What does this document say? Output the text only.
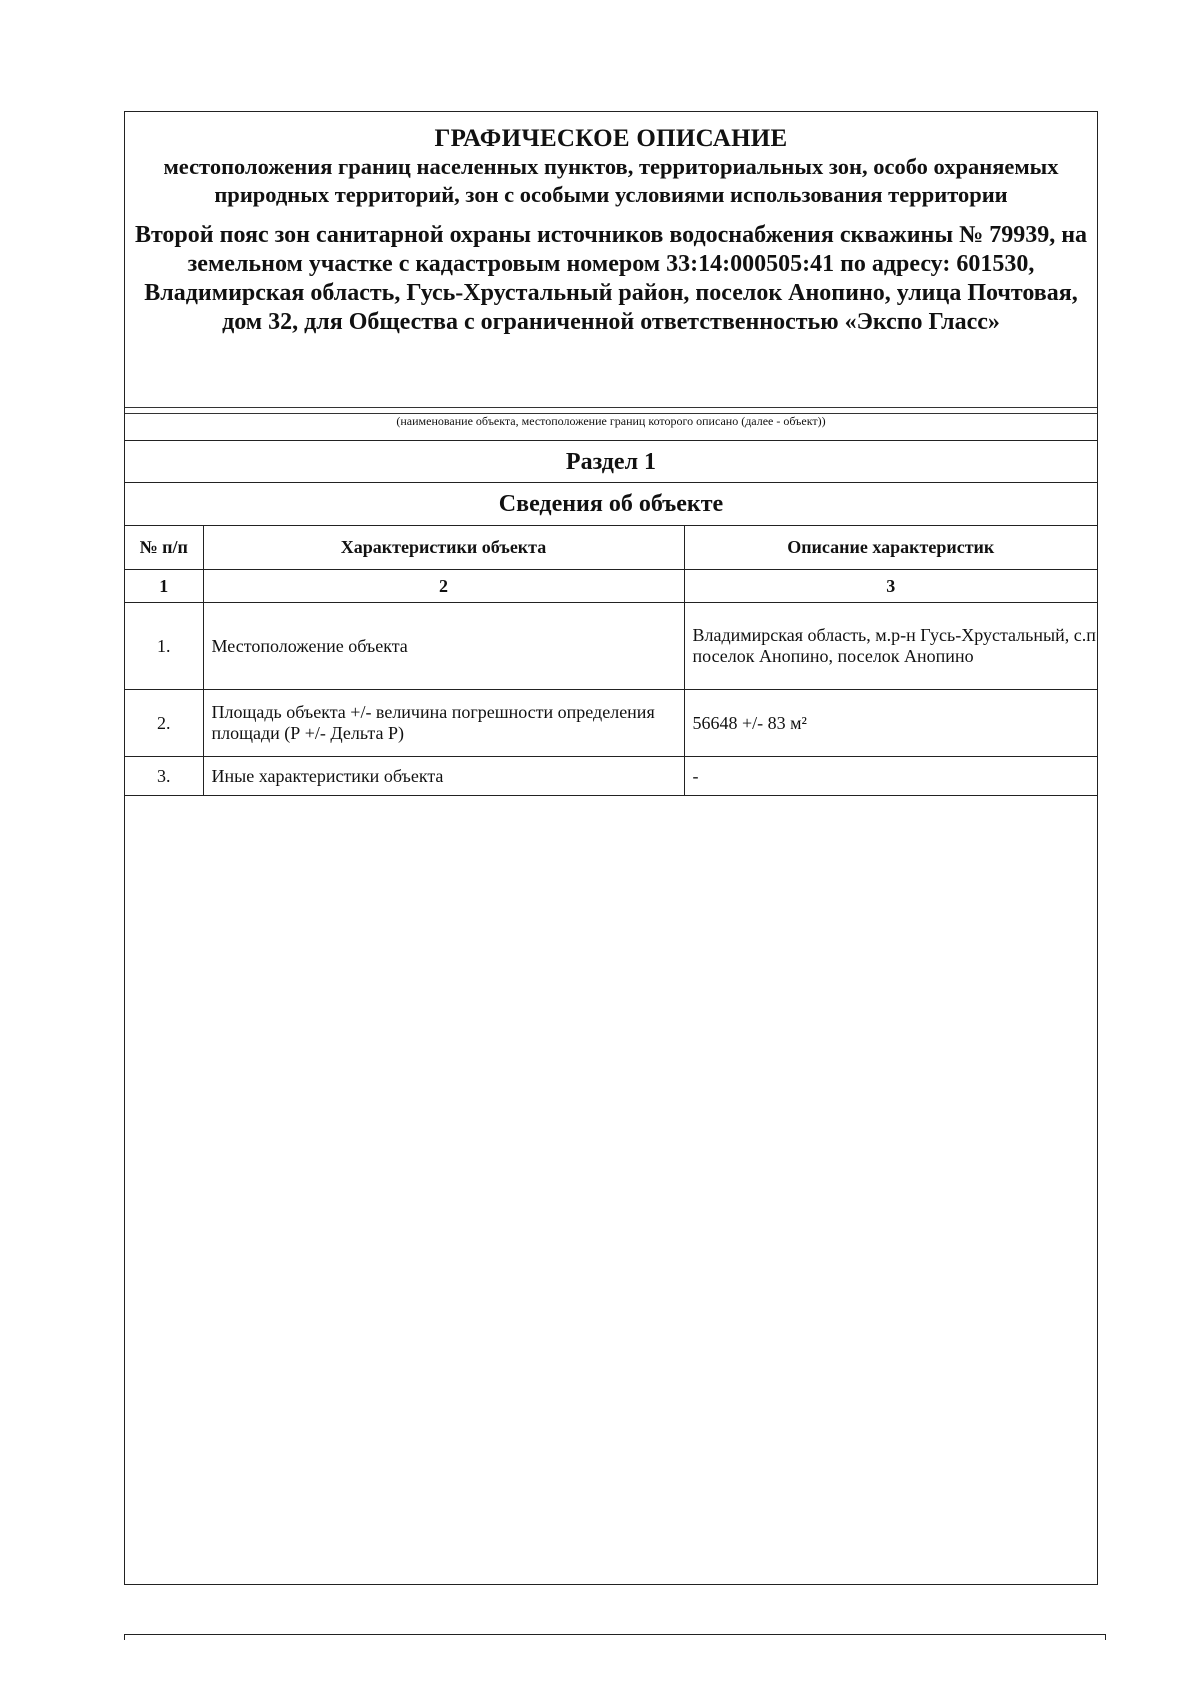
ГРАФИЧЕСКОЕ ОПИСАНИЕ
местоположения границ населенных пунктов, территориальных зон, особо охраняемых природных территорий, зон с особыми условиями использования территории
Второй пояс зон санитарной охраны источников водоснабжения скважины № 79939, на земельном участке с кадастровым номером 33:14:000505:41 по адресу: 601530, Владимирская область, Гусь-Хрустальный район, поселок Анопино, улица Почтовая, дом 32, для Общества с ограниченной ответственностью «Экспо Гласс»
(наименование объекта, местоположение границ которого описано (далее - объект))
Раздел 1
Сведения об объекте
№ п/п	Характеристики объекта	Описание характеристик
1	2	3
1.	Местоположение объекта	Владимирская область, м.р-н Гусь-Хрустальный, с.п поселок Анопино, поселок Анопино
2.	Площадь объекта +/- величина погрешности определения площади (Р +/- Дельта Р)	56648 +/- 83 м²
3.	Иные характеристики объекта	-
